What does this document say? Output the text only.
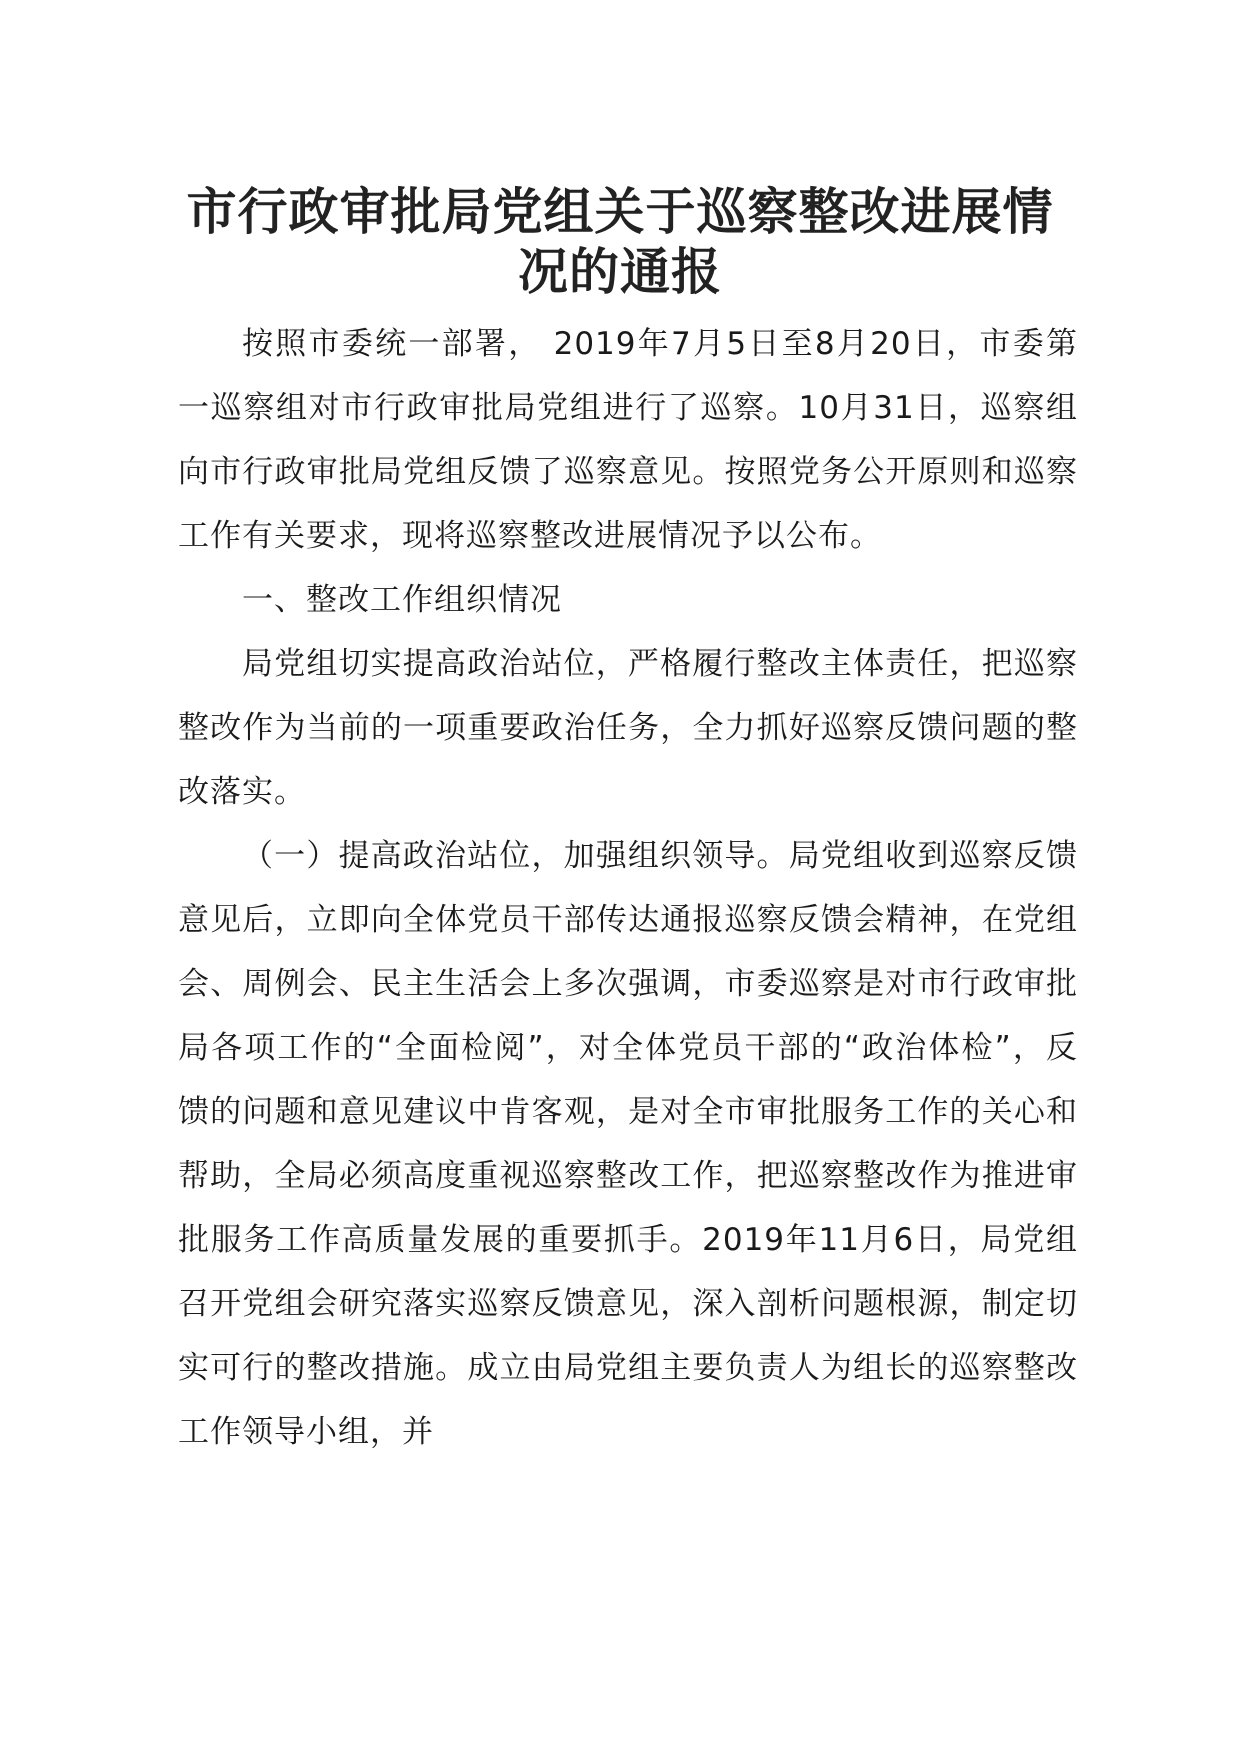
市行政审批局党组关于巡察整改进展情况的通报

按照市委统一部署， 2019年7月5日至8月20日，市委第一巡察组对市行政审批局党组进行了巡察。10月31日，巡察组向市行政审批局党组反馈了巡察意见。按照党务公开原则和巡察工作有关要求，现将巡察整改进展情况予以公布。

一、整改工作组织情况

局党组切实提高政治站位，严格履行整改主体责任，把巡察整改作为当前的一项重要政治任务，全力抓好巡察反馈问题的整改落实。

（一）提高政治站位，加强组织领导。局党组收到巡察反馈意见后，立即向全体党员干部传达通报巡察反馈会精神，在党组会、周例会、民主生活会上多次强调，市委巡察是对市行政审批局各项工作的“全面检阅”，对全体党员干部的“政治体检”，反馈的问题和意见建议中肯客观，是对全市审批服务工作的关心和帮助，全局必须高度重视巡察整改工作，把巡察整改作为推进审批服务工作高质量发展的重要抓手。2019年11月6日，局党组召开党组会研究落实巡察反馈意见，深入剖析问题根源，制定切实可行的整改措施。成立由局党组主要负责人为组长的巡察整改工作领导小组，并
